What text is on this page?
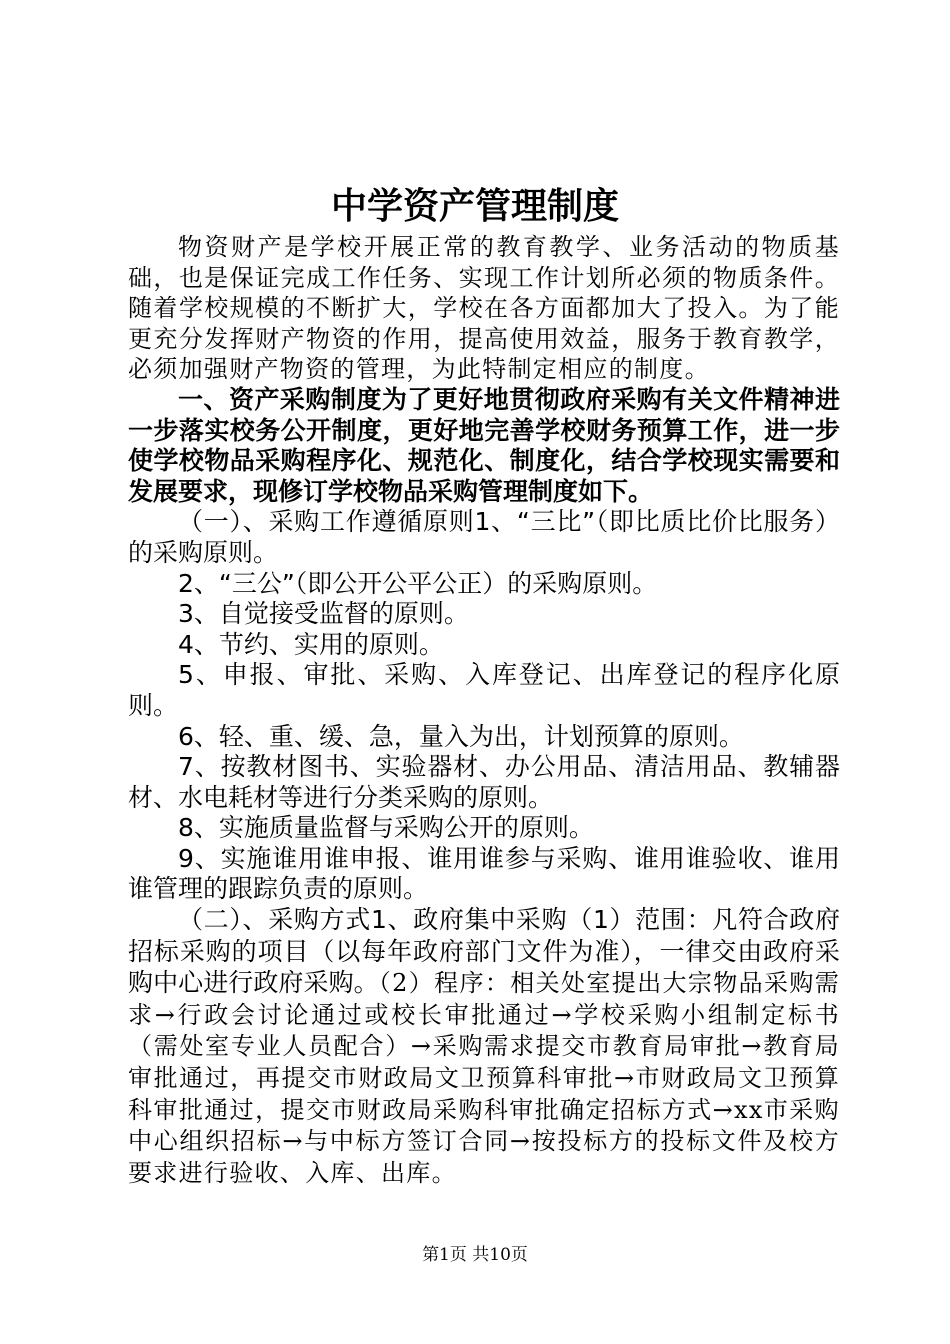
中学资产管理制度

物资财产是学校开展正常的教育教学、业务活动的物质基础，也是保证完成工作任务、实现工作计划所必须的物质条件。随着学校规模的不断扩大，学校在各方面都加大了投入。为了能更充分发挥财产物资的作用，提高使用效益，服务于教育教学，必须加强财产物资的管理，为此特制定相应的制度。

一、资产采购制度为了更好地贯彻政府采购有关文件精神进一步落实校务公开制度，更好地完善学校财务预算工作，进一步使学校物品采购程序化、规范化、制度化，结合学校现实需要和发展要求，现修订学校物品采购管理制度如下。

（一）、采购工作遵循原则1、“三比”（即比质比价比服务）的采购原则。

2、“三公”（即公开公平公正）的采购原则。

3、自觉接受监督的原则。

4、节约、实用的原则。

5、申报、审批、采购、入库登记、出库登记的程序化原则。

6、轻、重、缓、急，量入为出，计划预算的原则。

7、按教材图书、实验器材、办公用品、清洁用品、教辅器材、水电耗材等进行分类采购的原则。

8、实施质量监督与采购公开的原则。

9、实施谁用谁申报、谁用谁参与采购、谁用谁验收、谁用谁管理的跟踪负责的原则。

（二）、采购方式1、政府集中采购（1）范围：凡符合政府招标采购的项目（以每年政府部门文件为准），一律交由政府采购中心进行政府采购。（2）程序：相关处室提出大宗物品采购需求→行政会讨论通过或校长审批通过→学校采购小组制定标书（需处室专业人员配合）→采购需求提交市教育局审批→教育局审批通过，再提交市财政局文卫预算科审批→市财政局文卫预算科审批通过，提交市财政局采购科审批确定招标方式→xx市采购中心组织招标→与中标方签订合同→按投标方的投标文件及校方要求进行验收、入库、出库。

第1页 共10页
